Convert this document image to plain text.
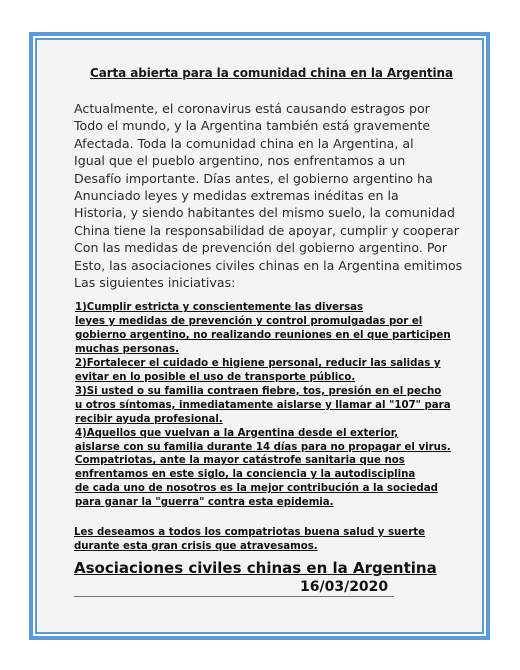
Carta abierta para la comunidad china en la Argentina
Actualmente, el coronavirus está causando estragos por
Todo el mundo, y la Argentina también está gravemente
Afectada. Toda la comunidad china en la Argentina, al
Igual que el pueblo argentino, nos enfrentamos a un
Desafío importante. Días antes, el gobierno argentino ha
Anunciado leyes y medidas extremas inéditas en la
Historia, y siendo habitantes del mismo suelo, la comunidad
China tiene la responsabilidad de apoyar, cumplir y cooperar
Con las medidas de prevención del gobierno argentino. Por
Esto, las asociaciones civiles chinas en la Argentina emitimos
Las siguientes iniciativas:
1)Cumplir estricta y conscientemente las diversas
leyes y medidas de prevención y control promulgadas por el
gobierno argentino, no realizando reuniones en el que participen
muchas personas.
2)Fortalecer el cuidado e higiene personal, reducir las salidas y
evitar en lo posible el uso de transporte público.
3)Si usted o su familia contraen fiebre, tos, presión en el pecho
u otros síntomas, inmediatamente aislarse y llamar al "107" para
recibir ayuda profesional.
4)Aquellos que vuelvan a la Argentina desde el exterior,
aislarse con su familia durante 14 días para no propagar el virus.
Compatriotas, ante la mayor catástrofe sanitaria que nos
enfrentamos en este siglo, la conciencia y la autodisciplina
de cada uno de nosotros es la mejor contribución a la sociedad
para ganar la "guerra" contra esta epidemia.
Les deseamos a todos los compatriotas buena salud y suerte
durante esta gran crisis que atravesamos.
Asociaciones civiles chinas en la Argentina
16/03/2020
